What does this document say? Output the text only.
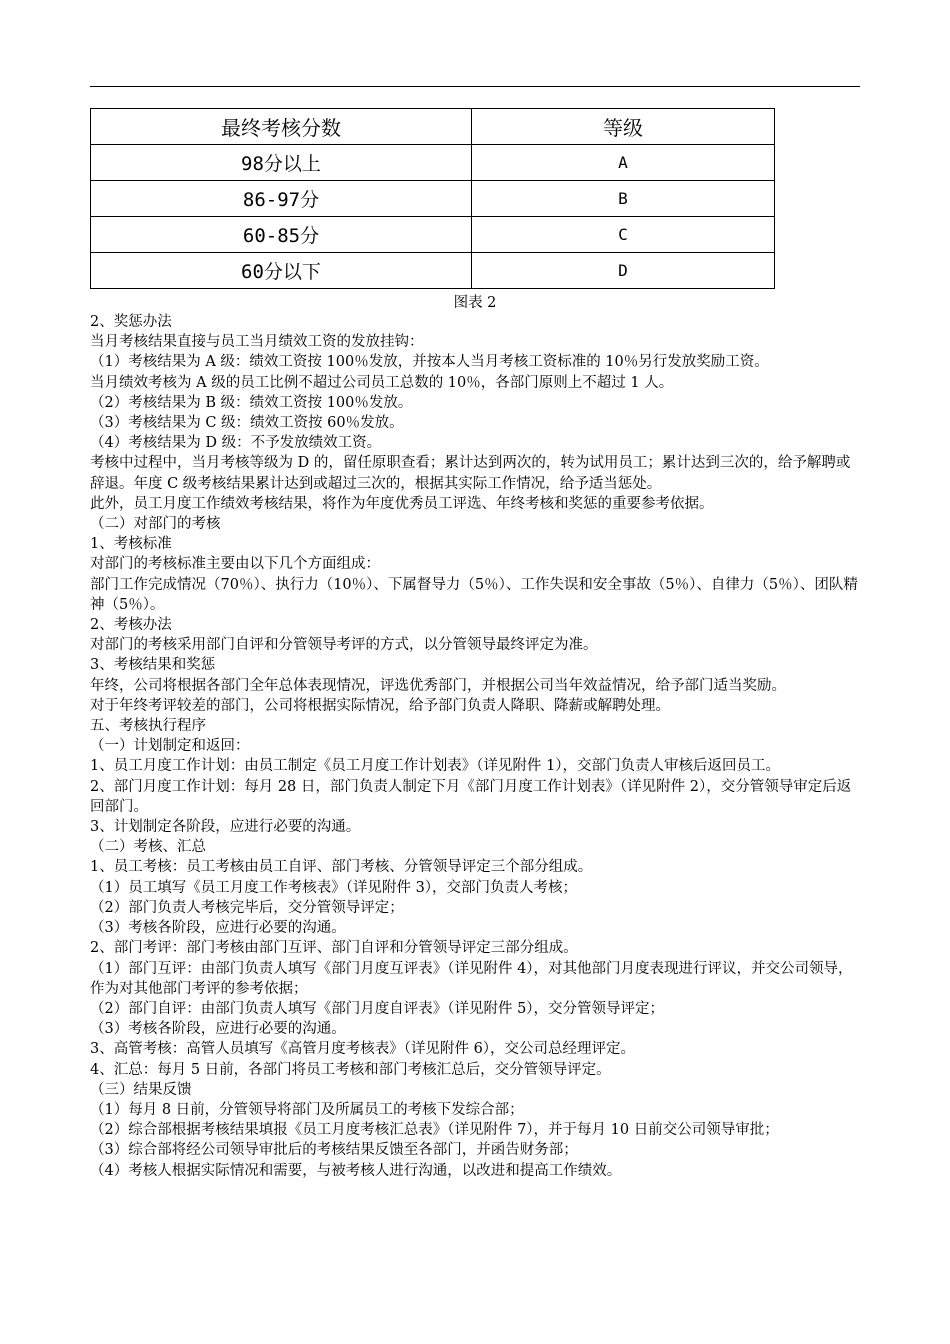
最终考核分数	等级
98分以上	A
86-97分	B
60-85分	C
60分以下	D
图表 2

2、奖惩办法

当月考核结果直接与员工当月绩效工资的发放挂钩：

（1）考核结果为 A 级：绩效工资按 100％发放，并按本人当月考核工资标准的 10％另行发放奖励工资。

当月绩效考核为 A 级的员工比例不超过公司员工总数的 10％，各部门原则上不超过 1 人。

（2）考核结果为 B 级：绩效工资按 100％发放。

（3）考核结果为 C 级：绩效工资按 60％发放。

（4）考核结果为 D 级：不予发放绩效工资。

考核中过程中，当月考核等级为 D 的，留任原职查看；累计达到两次的，转为试用员工；累计达到三次的，给予解聘或辞退。年度 C 级考核结果累计达到或超过三次的，根据其实际工作情况，给予适当惩处。

此外，员工月度工作绩效考核结果，将作为年度优秀员工评选、年终考核和奖惩的重要参考依据。

（二）对部门的考核

1、考核标准

对部门的考核标准主要由以下几个方面组成：

部门工作完成情况（70％）、执行力（10％）、下属督导力（5％）、工作失误和安全事故（5％）、自律力（5％）、团队精神（5％）。

2、考核办法

对部门的考核采用部门自评和分管领导考评的方式，以分管领导最终评定为准。

3、考核结果和奖惩

年终，公司将根据各部门全年总体表现情况，评选优秀部门，并根据公司当年效益情况，给予部门适当奖励。

对于年终考评较差的部门，公司将根据实际情况，给予部门负责人降职、降薪或解聘处理。

五、考核执行程序

（一）计划制定和返回：

1、员工月度工作计划：由员工制定《员工月度工作计划表》（详见附件 1），交部门负责人审核后返回员工。

2、部门月度工作计划：每月 28 日，部门负责人制定下月《部门月度工作计划表》（详见附件 2），交分管领导审定后返回部门。

3、计划制定各阶段，应进行必要的沟通。

（二）考核、汇总

1、员工考核：员工考核由员工自评、部门考核、分管领导评定三个部分组成。

（1）员工填写《员工月度工作考核表》（详见附件 3），交部门负责人考核；

（2）部门负责人考核完毕后，交分管领导评定；

（3）考核各阶段，应进行必要的沟通。

2、部门考评：部门考核由部门互评、部门自评和分管领导评定三部分组成。

（1）部门互评：由部门负责人填写《部门月度互评表》（详见附件 4），对其他部门月度表现进行评议，并交公司领导，作为对其他部门考评的参考依据；

（2）部门自评：由部门负责人填写《部门月度自评表》（详见附件 5），交分管领导评定；

（3）考核各阶段，应进行必要的沟通。

3、高管考核：高管人员填写《高管月度考核表》（详见附件 6），交公司总经理评定。

4、汇总：每月 5 日前，各部门将员工考核和部门考核汇总后，交分管领导评定。

（三）结果反馈

（1）每月 8 日前，分管领导将部门及所属员工的考核下发综合部；

（2）综合部根据考核结果填报《员工月度考核汇总表》（详见附件 7），并于每月 10 日前交公司领导审批；

（3）综合部将经公司领导审批后的考核结果反馈至各部门，并函告财务部；

（4）考核人根据实际情况和需要，与被考核人进行沟通，以改进和提高工作绩效。
